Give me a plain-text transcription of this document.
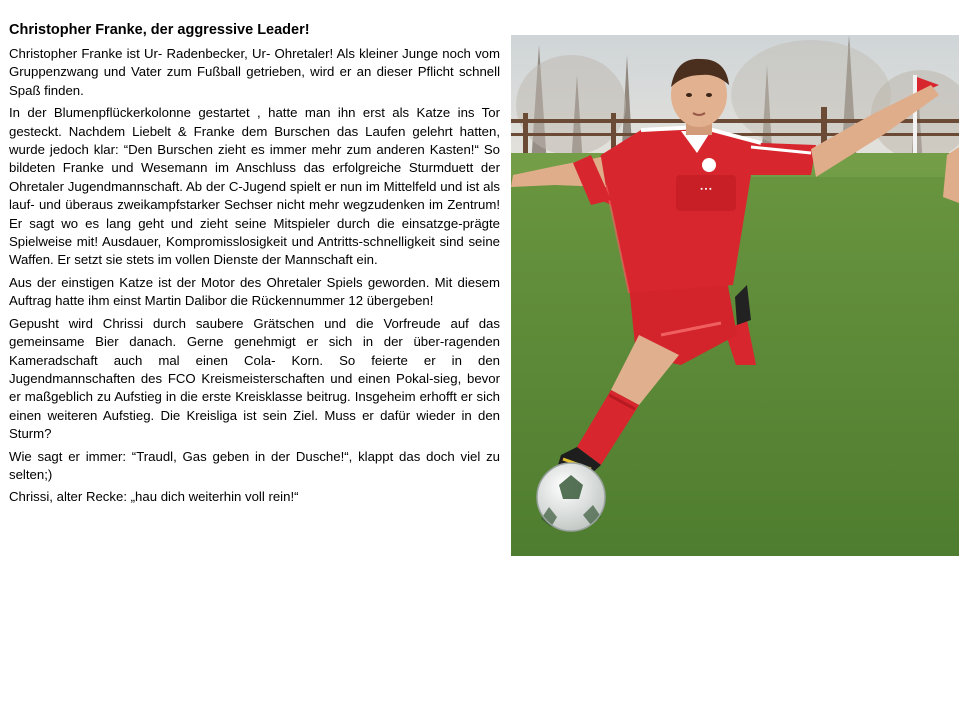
Christopher Franke, der aggressive Leader!

Christopher Franke ist Ur- Radenbecker, Ur- Ohretaler! Als kleiner Junge noch vom Gruppenzwang und Vater zum Fußball getrieben, wird er an dieser Pflicht schnell Spaß finden.

In der Blumenpflückerkolonne gestartet , hatte man ihn erst als Katze ins Tor gesteckt. Nachdem Liebelt & Franke dem Burschen das Laufen gelehrt hatten, wurde jedoch klar: “Den Burschen zieht es immer mehr zum anderen Kasten!“ So bildeten Franke und Wesemann im Anschluss das erfolgreiche Sturmduett der Ohretaler Jugendmannschaft. Ab der C-Jugend spielt er nun im Mittelfeld und ist als lauf- und überaus zweikampfstarker Sechser nicht mehr wegzudenken im Zentrum! Er sagt wo es lang geht und zieht seine Mitspieler durch die einsatzge-prägte Spielweise mit! Ausdauer, Kompromisslosigkeit und Antritts-schnelligkeit sind seine Waffen. Er setzt sie stets im vollen Dienste der Mannschaft ein.

Aus der einstigen Katze ist der Motor des Ohretaler Spiels geworden. Mit diesem Auftrag hatte ihm einst Martin Dalibor die Rückennummer 12 übergeben!

Gepusht wird Chrissi durch saubere Grätschen und die Vorfreude auf das gemeinsame Bier danach. Gerne genehmigt er sich in der über-ragenden Kameradschaft auch mal einen Cola- Korn. So feierte er in den Jugendmannschaften des FCO Kreismeisterschaften und einen Pokal-sieg, bevor er maßgeblich zu Aufstieg in die erste Kreisklasse beitrug. Insgeheim erhofft er sich einen weiteren Aufstieg. Die Kreisliga ist sein Ziel. Muss er dafür wieder in den Sturm?

Wie sagt er immer: “Traudl, Gas geben in der Dusche!“, klappt das doch viel zu selten;)

Chrissi, alter Recke: „hau dich weiterhin voll rein!“

▪ ▪ ▪
